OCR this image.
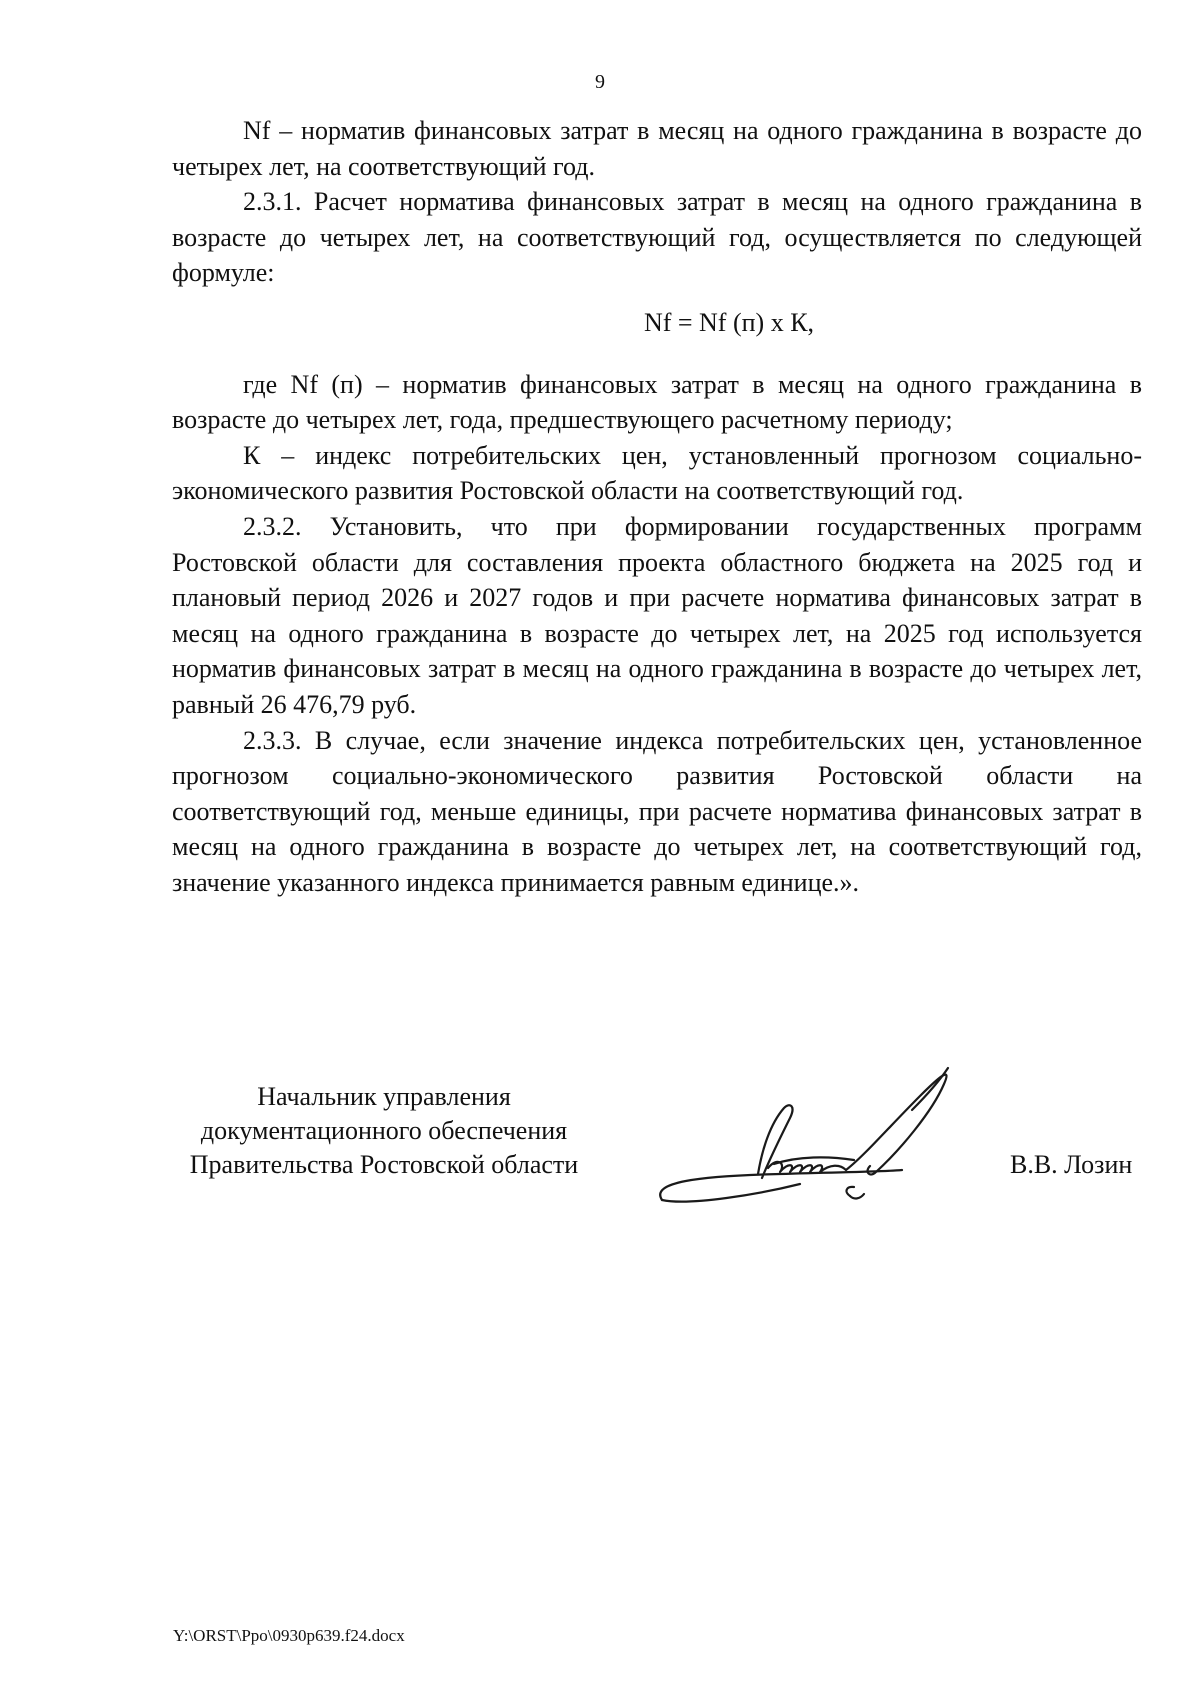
9

Nf – норматив финансовых затрат в месяц на одного гражданина в возрасте до четырех лет, на соответствующий год.

2.3.1. Расчет норматива финансовых затрат в месяц на одного гражданина в возрасте до четырех лет, на соответствующий год, осуществляется по следующей формуле:

Nf = Nf (п) x К,

где Nf (п) – норматив финансовых затрат в месяц на одного гражданина в возрасте до четырех лет, года, предшествующего расчетному периоду;

К – индекс потребительских цен, установленный прогнозом социально-экономического развития Ростовской области на соответствующий год.

2.3.2. Установить, что при формировании государственных программ Ростовской области для составления проекта областного бюджета на 2025 год и плановый период 2026 и 2027 годов и при расчете норматива финансовых затрат в месяц на одного гражданина в возрасте до четырех лет, на 2025 год используется норматив финансовых затрат в месяц на одного гражданина в возрасте до четырех лет, равный 26 476,79 руб.

2.3.3. В случае, если значение индекса потребительских цен, установленное прогнозом социально-экономического развития Ростовской области на соответствующий год, меньше единицы, при расчете норматива финансовых затрат в месяц на одного гражданина в возрасте до четырех лет, на соответствующий год, значение указанного индекса принимается равным единице.».

Начальник управления
документационного обеспечения
Правительства Ростовской области	В.В. Лозин
Y:\ORST\Ppo\0930p639.f24.docx
